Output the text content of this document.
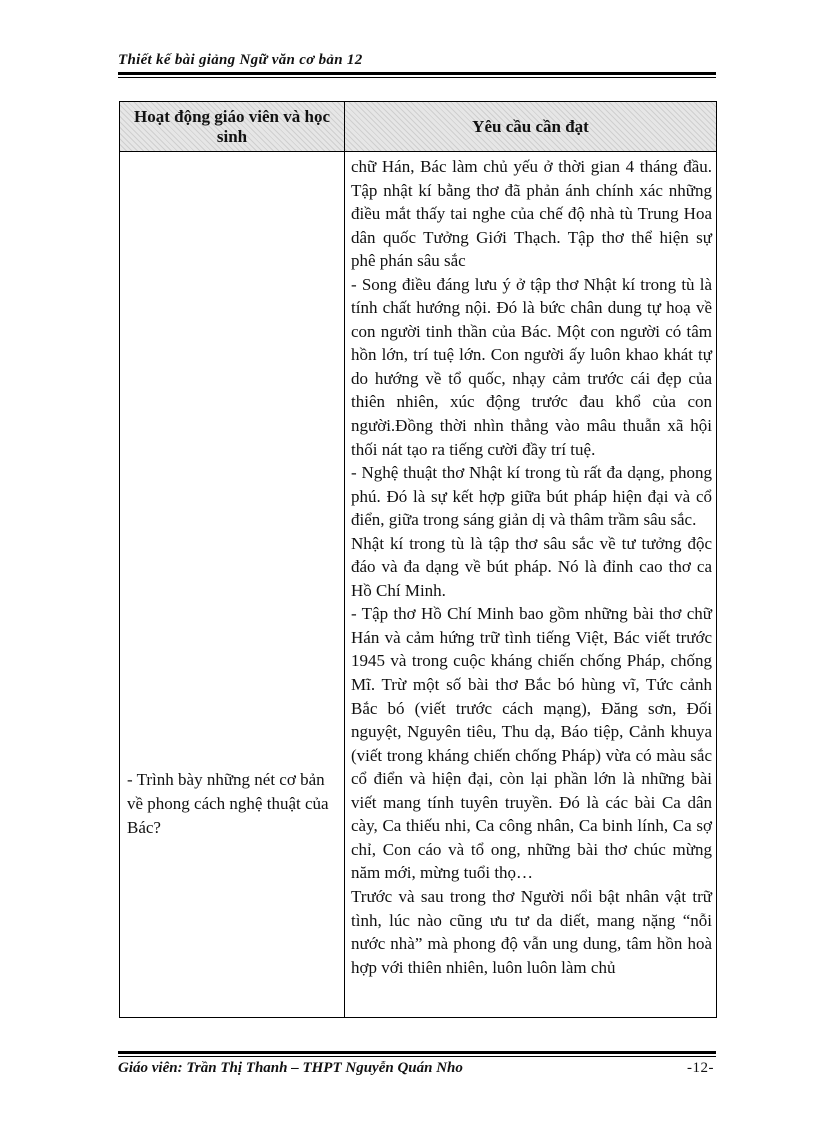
Thiết kế bài giảng Ngữ văn cơ bản 12
Hoạt động giáo viên và học sinh
Yêu cầu cần đạt
- Trình bày những nét cơ bản về phong cách nghệ thuật của Bác?

chữ Hán, Bác làm chủ yếu ở thời gian 4 tháng đầu. Tập nhật kí bằng thơ đã phản ánh chính xác những điều mắt thấy tai nghe của chế độ nhà tù Trung Hoa dân quốc Tưởng Giới Thạch. Tập thơ thể hiện sự phê phán sâu sắc

- Song điều đáng lưu ý ở tập thơ Nhật kí trong tù là tính chất hướng nội. Đó là bức chân dung tự hoạ về con người tinh thần của Bác. Một con người có tâm hồn lớn, trí tuệ lớn. Con người ấy luôn khao khát tự do hướng về tổ quốc, nhạy cảm trước cái đẹp của thiên nhiên, xúc động trước đau khổ của con người.Đồng thời nhìn thẳng vào mâu thuẫn xã hội thối nát tạo ra tiếng cười đầy trí tuệ.

- Nghệ thuật thơ Nhật kí trong tù rất đa dạng, phong phú. Đó là sự kết hợp giữa bút pháp hiện đại và cổ điển, giữa trong sáng giản dị và thâm trầm sâu sắc.

Nhật kí trong tù là tập thơ sâu sắc về tư tưởng độc đáo và đa dạng về bút pháp. Nó là đỉnh cao thơ ca Hồ Chí Minh.

- Tập thơ Hồ Chí Minh bao gồm những bài thơ chữ Hán và cảm hứng trữ tình tiếng Việt, Bác viết trước 1945 và trong cuộc kháng chiến chống Pháp, chống Mĩ. Trừ một số bài thơ Bắc bó hùng vĩ, Tức cảnh Bắc bó (viết trước cách mạng), Đăng sơn, Đối nguyệt, Nguyên tiêu, Thu dạ, Báo tiệp, Cảnh khuya (viết trong kháng chiến chống Pháp) vừa có màu sắc cổ điển và hiện đại, còn lại phần lớn là những bài viết mang tính tuyên truyền. Đó là các bài Ca dân cày, Ca thiếu nhi, Ca công nhân, Ca binh lính, Ca sợ chỉ, Con cáo và tổ ong, những bài thơ chúc mừng năm mới, mừng tuổi thọ…

Trước và sau trong thơ Người nổi bật nhân vật trữ tình, lúc nào cũng ưu tư da diết, mang nặng “nỗi nước nhà” mà phong độ vẫn ung dung, tâm hồn hoà hợp với thiên nhiên, luôn luôn làm chủ

Giáo viên: Trần Thị Thanh – THPT Nguyễn Quán Nho	-12-
